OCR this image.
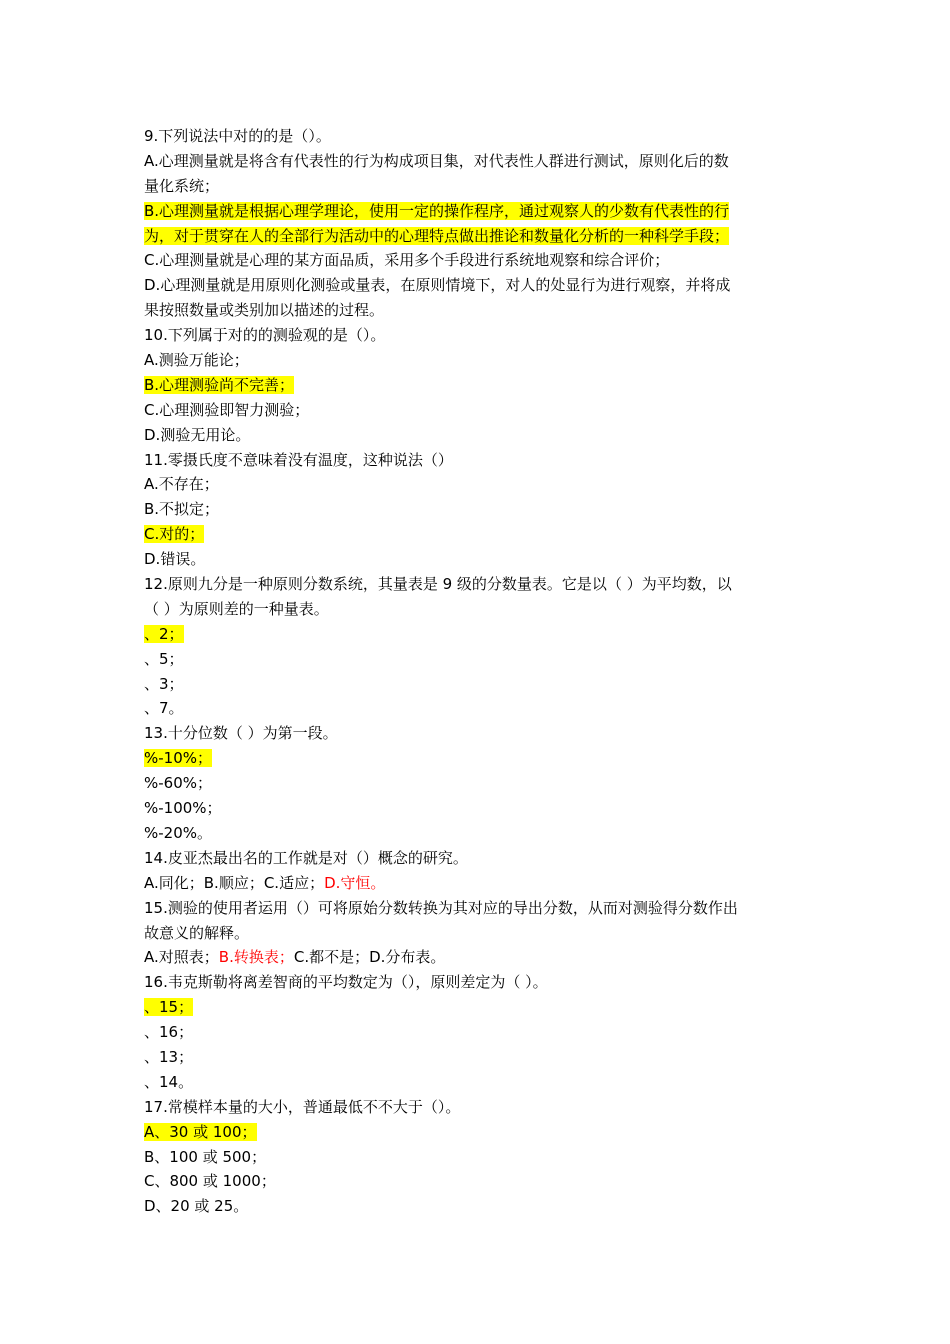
9.下列说法中对的的是（）。
A.心理测量就是将含有代表性的行为构成项目集，对代表性人群进行测试，原则化后的数
量化系统；
B.心理测量就是根据心理学理论，使用一定的操作程序，通过观察人的少数有代表性的行
为，对于贯穿在人的全部行为活动中的心理特点做出推论和数量化分析的一种科学手段；
C.心理测量就是心理的某方面品质，采用多个手段进行系统地观察和综合评价；
D.心理测量就是用原则化测验或量表，在原则情境下，对人的处显行为进行观察，并将成
果按照数量或类别加以描述的过程。
10.下列属于对的的测验观的是（）。
A.测验万能论；
B.心理测验尚不完善；
C.心理测验即智力测验；
D.测验无用论。
11.零摄氏度不意味着没有温度，这种说法（）
A.不存在；
B.不拟定；
C.对的；
D.错误。
12.原则九分是一种原则分数系统，其量表是 9 级的分数量表。它是以（ ）为平均数，以
（ ）为原则差的一种量表。
、2；
、5；
、3；
、7。
13.十分位数（ ）为第一段。
%-10%；
%-60%；
%-100%；
%-20%。
14.皮亚杰最出名的工作就是对（）概念的研究。
A.同化；B.顺应；C.适应；D.守恒。
15.测验的使用者运用（）可将原始分数转换为其对应的导出分数，从而对测验得分数作出
故意义的解释。
A.对照表；B.转换表；C.都不是；D.分布表。
16.韦克斯勒将离差智商的平均数定为（），原则差定为（ ）。
、15；
、16；
、13；
、14。
17.常模样本量的大小，普通最低不不大于（）。
A、30 或 100；
B、100 或 500；
C、800 或 1000；
D、20 或 25。
